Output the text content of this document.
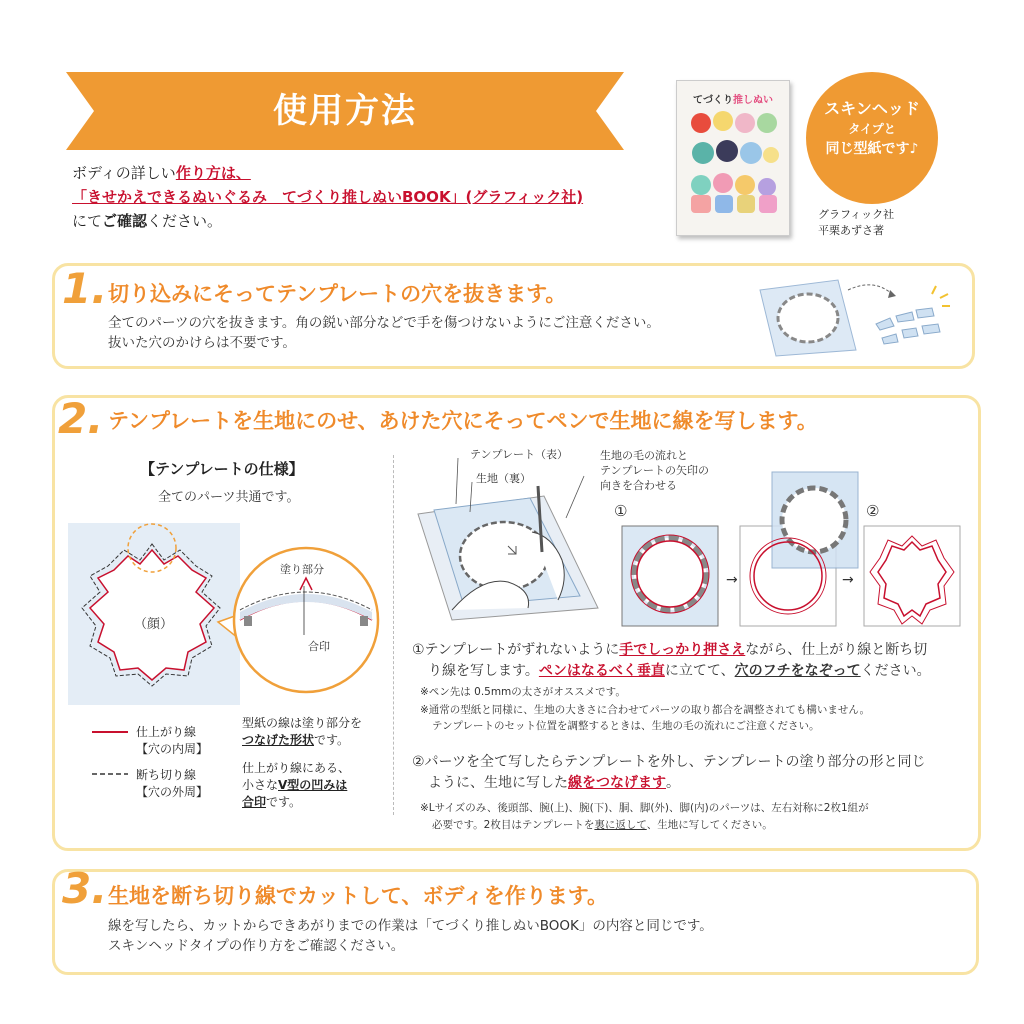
使用方法
ボディの詳しい作り方は、
「きせかえできるぬいぐるみ　てづくり推しぬいBOOK」(グラフィック社)
にてご確認ください。
てづくり推しぬい
グラフィック社
平栗あずさ著
スキンヘッド
タイプと
同じ型紙です♪
1. 切り込みにそってテンプレートの穴を抜きます。
全てのパーツの穴を抜きます。角の鋭い部分などで手を傷つけないようにご注意ください。
抜いた穴のかけらは不要です。
2. テンプレートを生地にのせ、あけた穴にそってペンで生地に線を写します。
【テンプレートの仕様】
全てのパーツ共通です。
（顔）
塗り部分
合印
仕上がり線
【穴の内周】
断ち切り線
【穴の外周】
型紙の線は塗り部分を
つなげた形状です。
仕上がり線にある、
小さなV型の凹みは
合印です。
テンプレート（表）
生地（裏）
生地の毛の流れと
テンプレートの矢印の
向きを合わせる
①	②
→	→
①テンプレートがずれないように手でしっかり押さえながら、仕上がり線と断ち切
り線を写します。ペンはなるべく垂直に立てて、穴のフチをなぞってください。
※ペン先は 0.5mmの太さがオススメです。
※通常の型紙と同様に、生地の大きさに合わせてパーツの取り都合を調整されても構いません。
テンプレートのセット位置を調整するときは、生地の毛の流れにご注意ください。
②パーツを全て写したらテンプレートを外し、テンプレートの塗り部分の形と同じ
ように、生地に写した線をつなげます。
※Lサイズのみ、後頭部、腕(上)、腕(下)、胴、脚(外)、脚(内)のパーツは、左右対称に2枚1組が
必要です。2枚目はテンプレートを裏に返して、生地に写してください。
3. 生地を断ち切り線でカットして、ボディを作ります。
線を写したら、カットからできあがりまでの作業は「てづくり推しぬいBOOK」の内容と同じです。
スキンヘッドタイプの作り方をご確認ください。
